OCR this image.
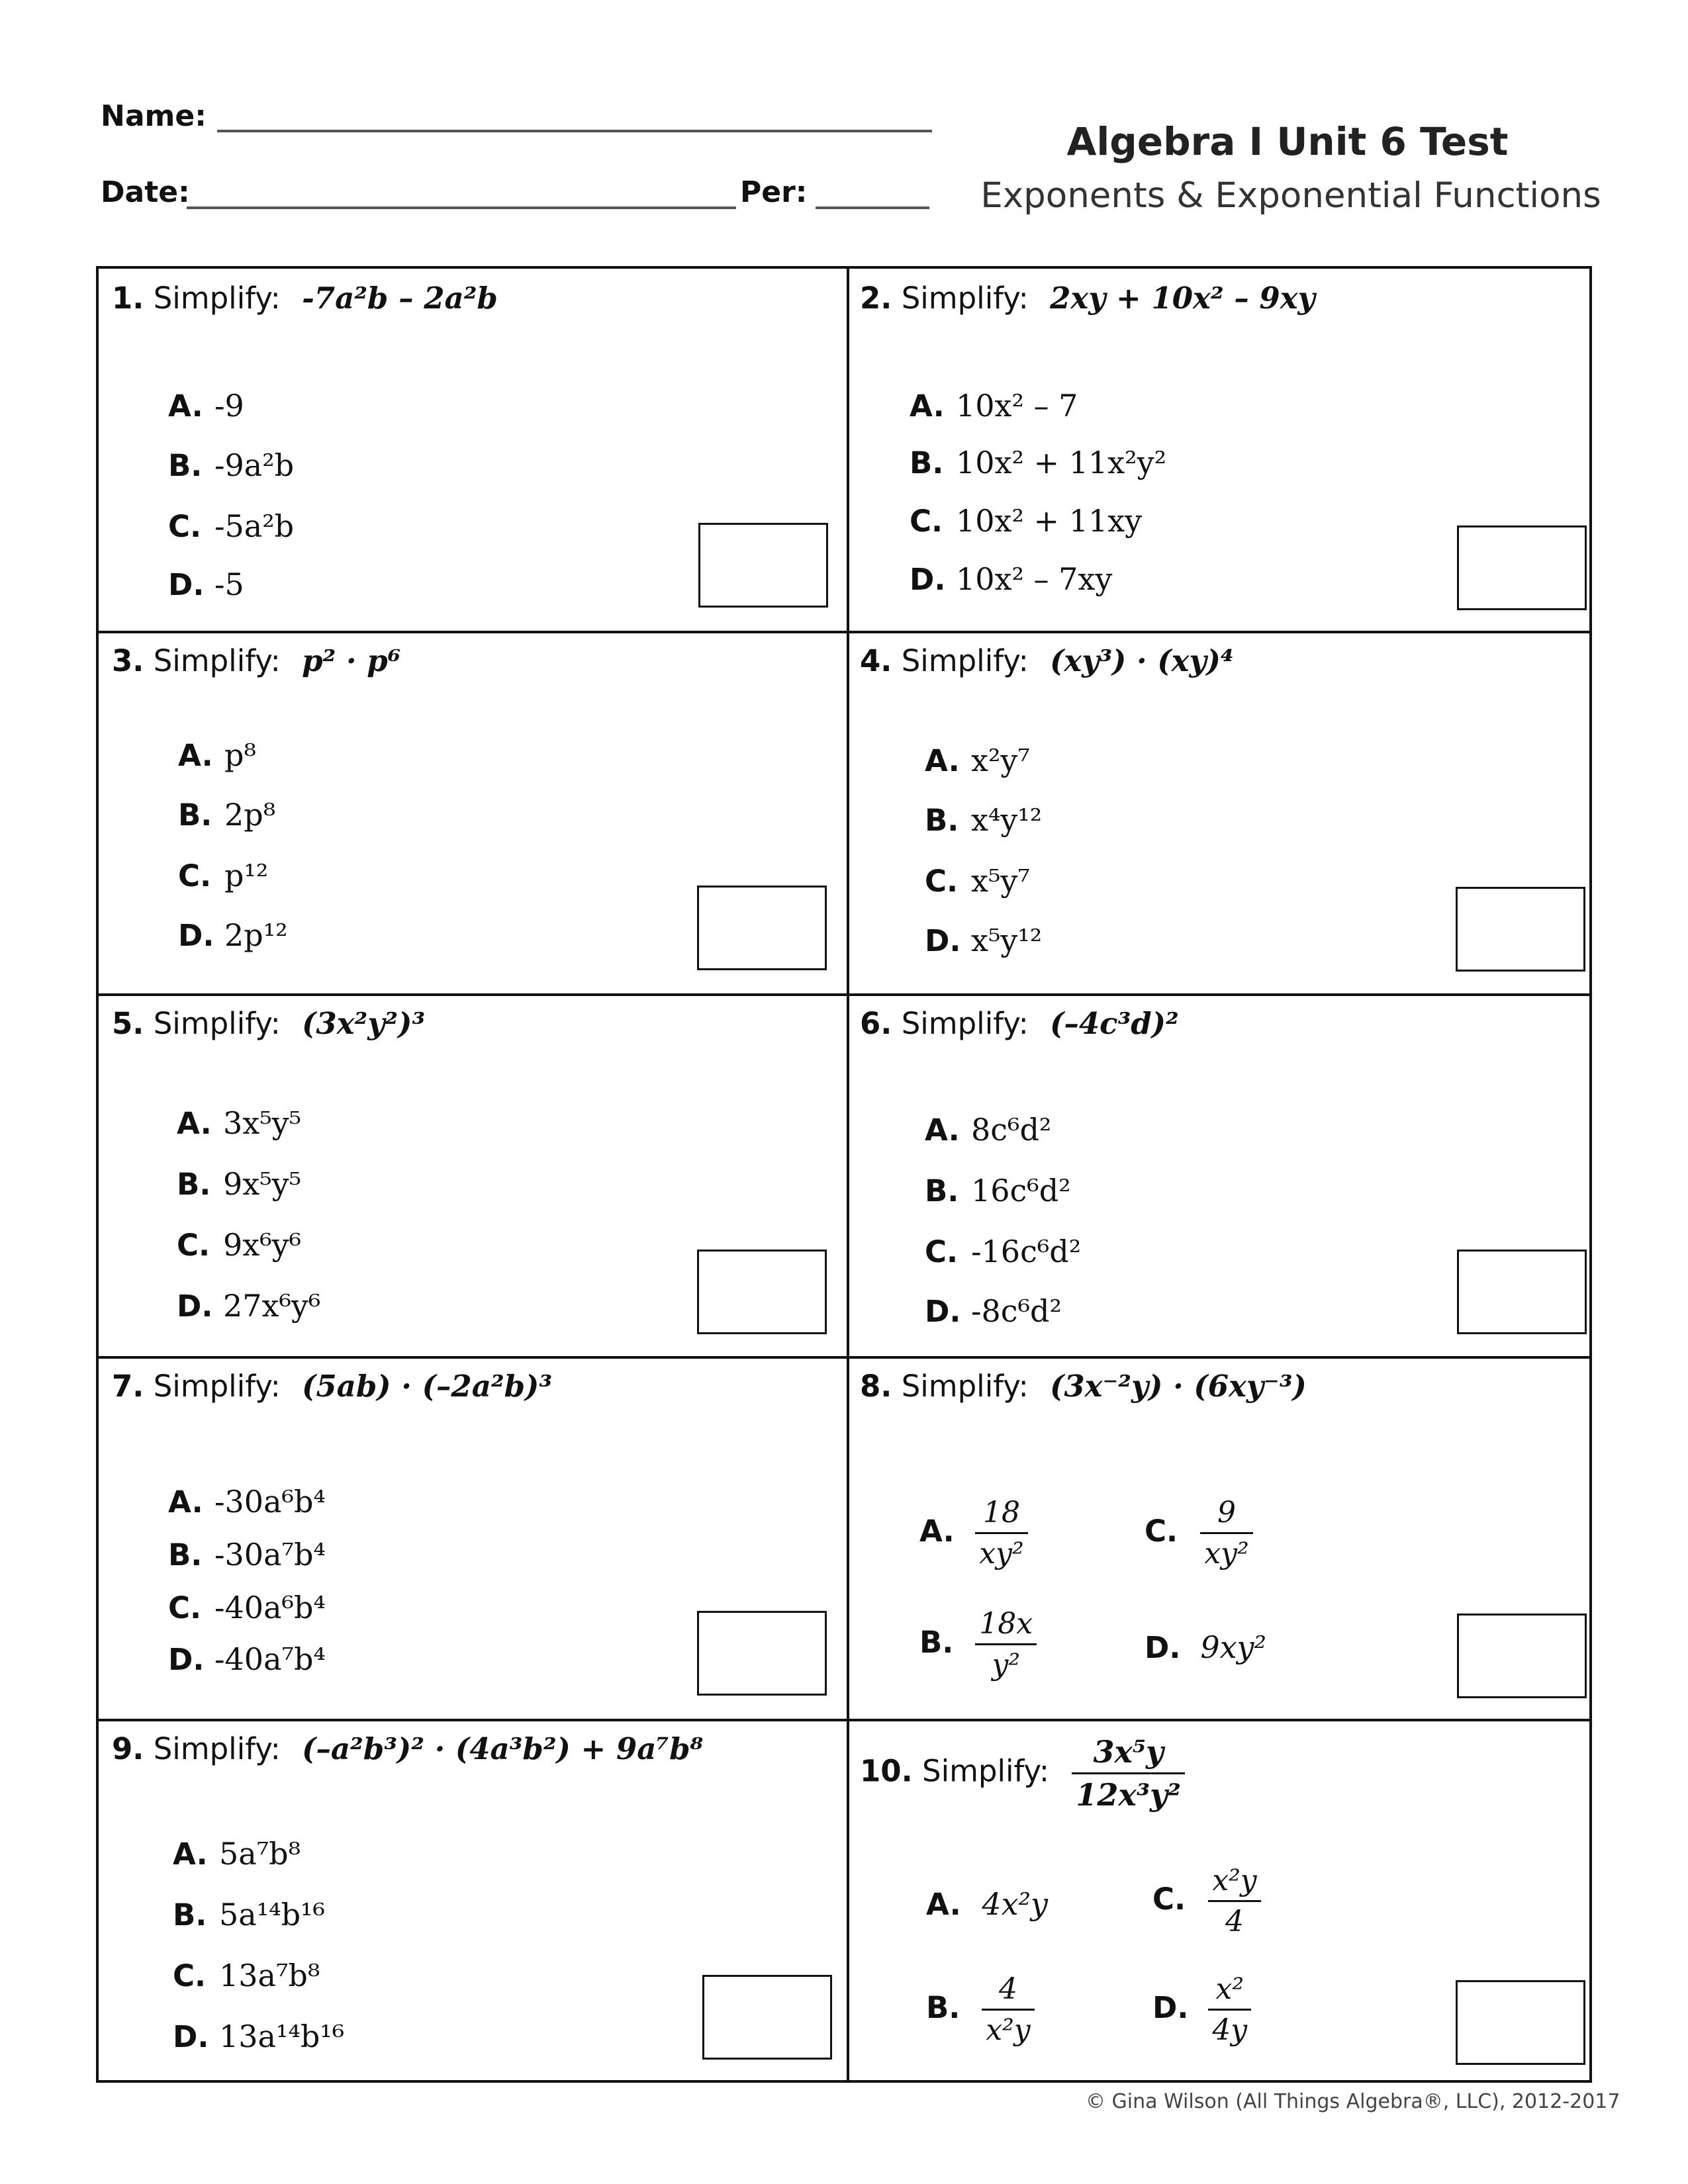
Name:
Date:	Per:
Algebra I Unit 6 Test
Exponents & Exponential Functions
1. Simplify: -7a²b – 2a²b
A. -9
B. -9a²b
C. -5a²b
D. -5
2. Simplify: 2xy + 10x² – 9xy
A. 10x² – 7
B. 10x² + 11x²y²
C. 10x² + 11xy
D. 10x² – 7xy
3. Simplify: p² · p⁶
A. p⁸
B. 2p⁸
C. p¹²
D. 2p¹²
4. Simplify: (xy³) · (xy)⁴
A. x²y⁷
B. x⁴y¹²
C. x⁵y⁷
D. x⁵y¹²
5. Simplify: (3x²y²)³
A. 3x⁵y⁵
B. 9x⁵y⁵
C. 9x⁶y⁶
D. 27x⁶y⁶
6. Simplify: (–4c³d)²
A. 8c⁶d²
B. 16c⁶d²
C. -16c⁶d²
D. -8c⁶d²
7. Simplify: (5ab) · (–2a²b)³
A. -30a⁶b⁴
B. -30a⁷b⁴
C. -40a⁶b⁴
D. -40a⁷b⁴
8. Simplify: (3x⁻²y) · (6xy⁻³)
A. $\frac{18}{\text{xy²}}$
B. $\frac{18x}{\text{y²}}$
C. $\frac{9}{\text{xy²}}$
D. 9xy²
9. Simplify: (–a²b³)² · (4a³b²) + 9a⁷b⁸
A. 5a⁷b⁸
B. 5a¹⁴b¹⁶
C. 13a⁷b⁸
D. 13a¹⁴b¹⁶
10. Simplify: $\frac{\text{3x⁵y}}{\text{12x³y²}}$
A. 4x²y
B. $\frac{4}{\text{x²y}}$
C. $\frac{\text{x²y}}{4}$
D. $\frac{\text{x²}}{4y}$
© Gina Wilson (All Things Algebra®, LLC), 2012-2017
